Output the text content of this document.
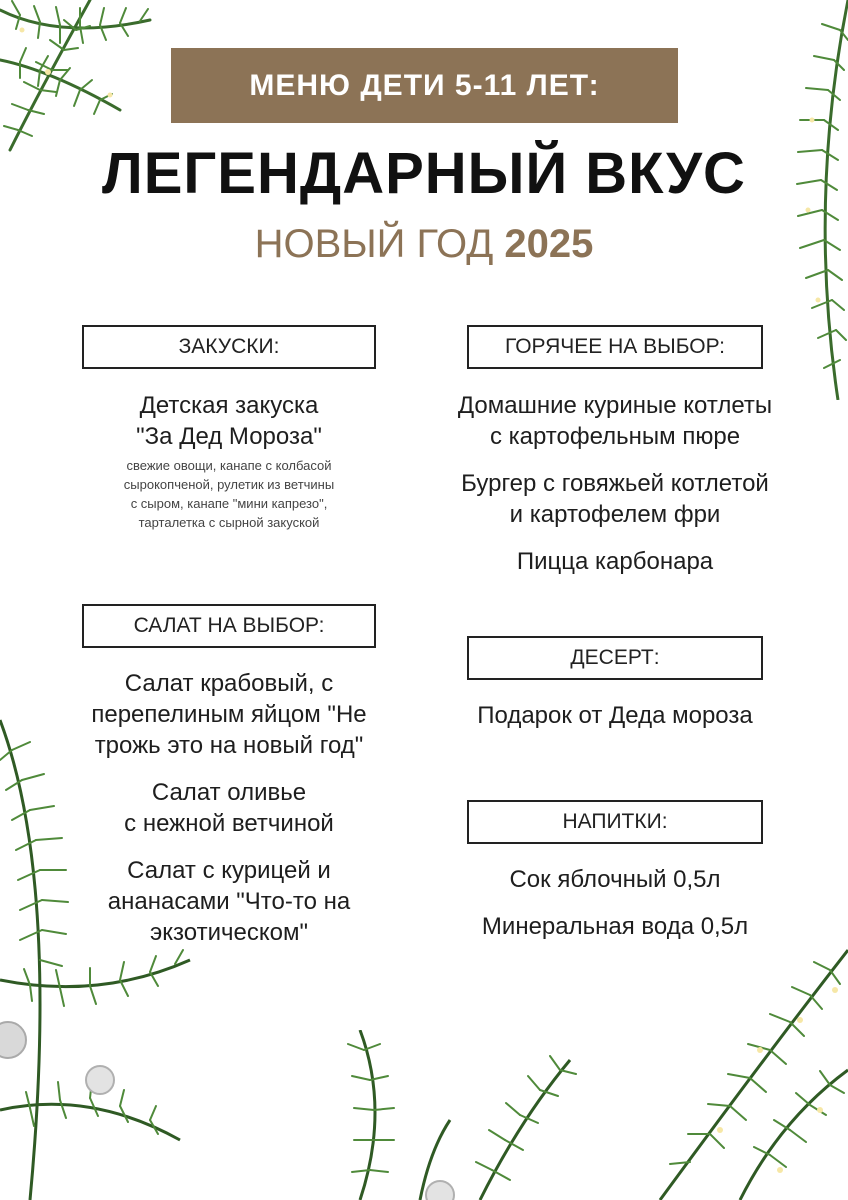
МЕНЮ ДЕТИ 5-11 ЛЕТ:
ЛЕГЕНДАРНЫЙ ВКУС
НОВЫЙ ГОД 2025
ЗАКУСКИ:
Детская закуска
"За Дед Мороза"
свежие овощи, канапе с колбасой
сырокопченой, рулетик из ветчины
с сыром, канапе "мини капрезо",
тарталетка с сырной закуской
САЛАТ НА ВЫБОР:
Салат крабовый, с
перепелиным яйцом "Не
трожь это на новый год"
Салат оливье
с нежной ветчиной
Салат с курицей и
ананасами "Что-то на
экзотическом"
ГОРЯЧЕЕ НА ВЫБОР:
Домашние куриные котлеты
с картофельным пюре
Бургер с говяжьей котлетой
и картофелем фри
Пицца карбонара
ДЕСЕРТ:
Подарок от Деда мороза
НАПИТКИ:
Сок яблочный 0,5л
Минеральная вода 0,5л
